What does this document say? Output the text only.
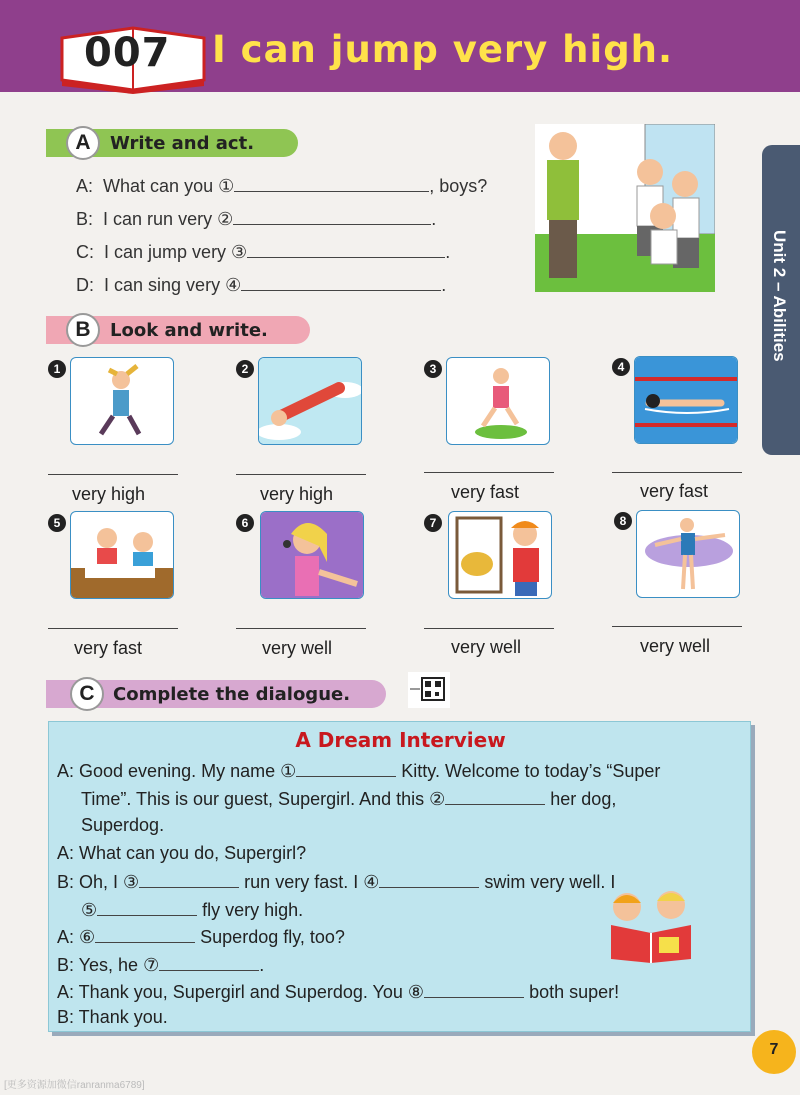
007 I can jump very high.
Unit 2 – Abilities
A	Write and act.
A: What can you ①	, boys?
B: I can run very ②	.
C: I can jump very ③	.
D: I can sing very ④	.
B	Look and write.
1
very high
2
very high
3
very fast
4
very fast
5
very fast
6
very well
7
very well
8
very well
C	Complete the dialogue.
A Dream Interview
A: Good evening. My name ①	Kitty. Welcome to today’s “Super
Time”. This is our guest, Supergirl. And this ②	her dog,
Superdog.
A: What can you do, Supergirl?
B: Oh, I ③	run very fast. I ④	swim very well. I
⑤	fly very high.
A: ⑥	Superdog fly, too?
B: Yes, he ⑦	.
A: Thank you, Supergirl and Superdog. You ⑧	both super!
B: Thank you.
7
[更多资源加微信ranranma6789]
